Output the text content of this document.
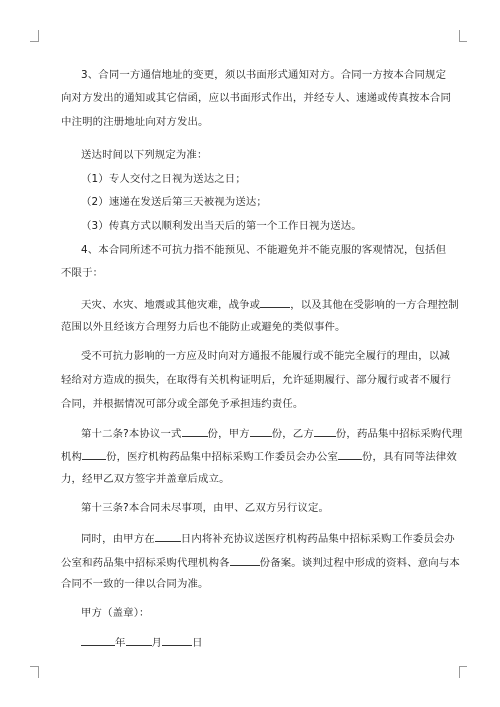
3、合同一方通信地址的变更，须以书面形式通知对方。合同一方按本合同规定
向对方发出的通知或其它信函，应以书面形式作出，并经专人、速递或传真按本合同
中注明的注册地址向对方发出。
送达时间以下列规定为准：
（1）专人交付之日视为送达之日；
（2）速递在发送后第三天被视为送达；
（3）传真方式以顺利发出当天后的第一个工作日视为送达。
4、本合同所述不可抗力指不能预见、不能避免并不能克服的客观情况，包括但
不限于：
天灾、水灾、地震或其他灾难，战争或	，以及其他在受影响的一方合理控制
范围以外且经该方合理努力后也不能防止或避免的类似事件。
受不可抗力影响的一方应及时向对方通报不能履行或不能完全履行的理由，以减
轻给对方造成的损失，在取得有关机构证明后，允许延期履行、部分履行或者不履行
合同，并根据情况可部分或全部免予承担违约责任。
第十二条?本协议一式	份，甲方 份，乙方 份，药品集中招标采购代理
机构 份，医疗机构药品集中招标采购工作委员会办公室 份，具有同等法律效
力，经甲乙双方签字并盖章后成立。
第十三条?本合同未尽事项，由甲、乙双方另行议定。
同时，由甲方在	日内将补充协议送医疗机构药品集中招标采购工作委员会办
公室和药品集中招标采购代理机构各	份备案。谈判过程中形成的资料、意向与本
合同不一致的一律以合同为准。
甲方（盖章）：
年	月	日
